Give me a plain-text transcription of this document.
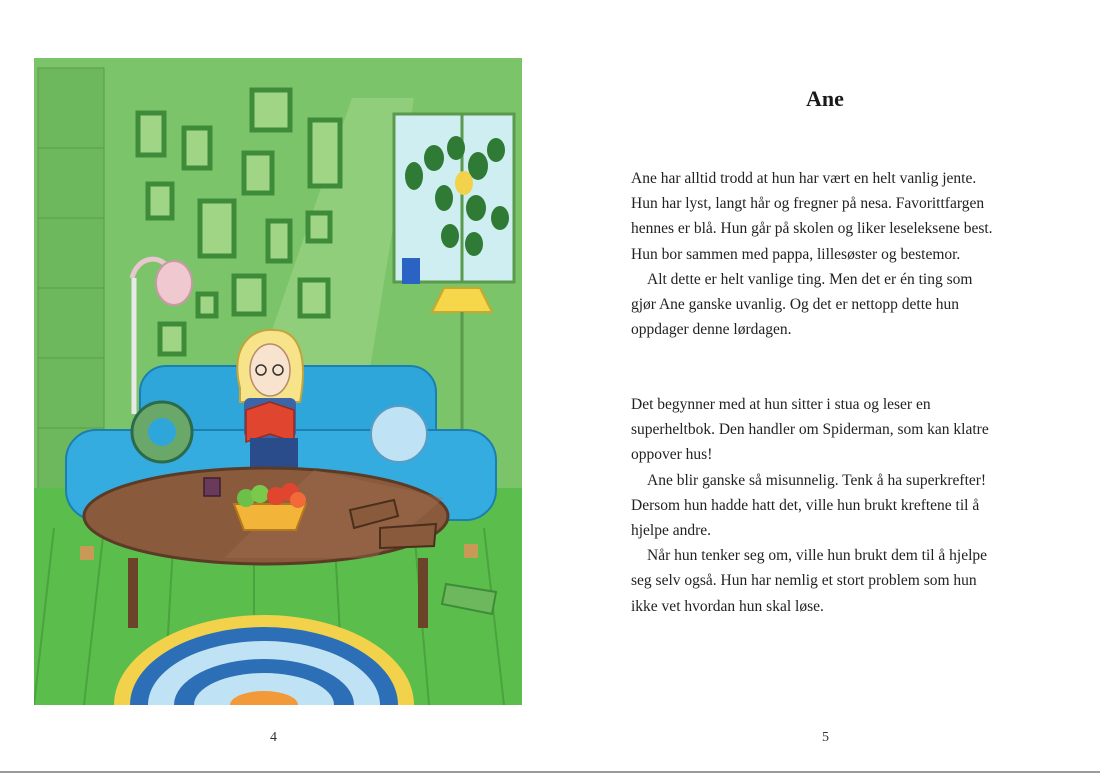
4
Ane

Ane har alltid trodd at hun har vært en helt vanlig jente.
Hun har lyst, langt hår og fregner på nesa. Favorittfargen
hennes er blå. Hun går på skolen og liker leseleksene best.
Hun bor sammen med pappa, lillesøster og bestemor.

Alt dette er helt vanlige ting. Men det er én ting som
gjør Ane ganske uvanlig. Og det er nettopp dette hun
oppdager denne lørdagen.

Det begynner med at hun sitter i stua og leser en
superheltbok. Den handler om Spiderman, som kan klatre
oppover hus!

Ane blir ganske så misunnelig. Tenk å ha superkrefter!
Dersom hun hadde hatt det, ville hun brukt kreftene til å
hjelpe andre.

Når hun tenker seg om, ville hun brukt dem til å hjelpe
seg selv også. Hun har nemlig et stort problem som hun
ikke vet hvordan hun skal løse.

5
